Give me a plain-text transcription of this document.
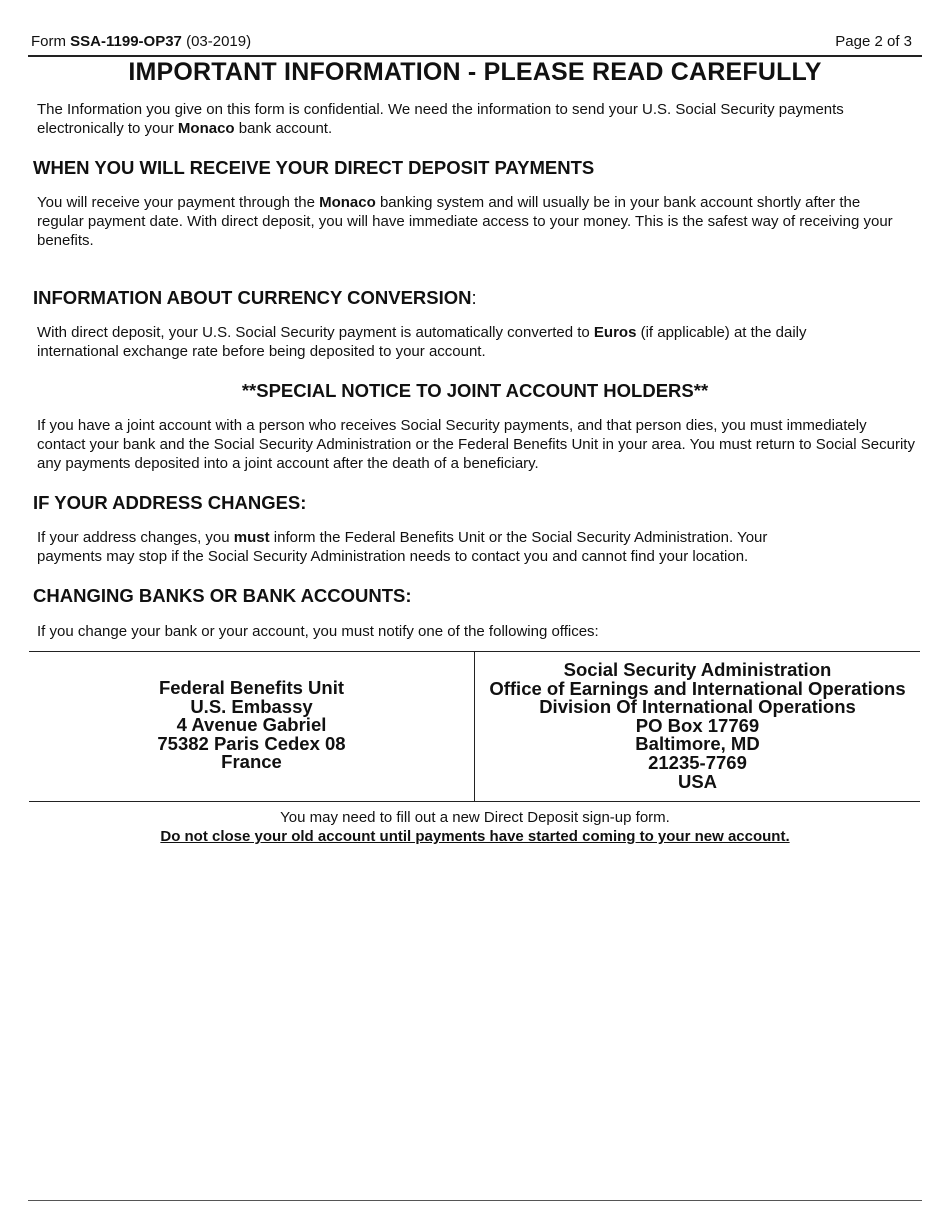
Form SSA-1199-OP37 (03-2019)	Page 2 of 3
IMPORTANT INFORMATION - PLEASE READ CAREFULLY
The Information you give on this form is confidential. We need the information to send your U.S. Social Security payments electronically to your Monaco bank account.
WHEN YOU WILL RECEIVE YOUR DIRECT DEPOSIT PAYMENTS
You will receive your payment through the Monaco banking system and will usually be in your bank account shortly after the regular payment date. With direct deposit, you will have immediate access to your money. This is the safest way of receiving your benefits.
INFORMATION ABOUT CURRENCY CONVERSION:
With direct deposit, your U.S. Social Security payment is automatically converted to Euros (if applicable) at the daily international exchange rate before being deposited to your account.
**SPECIAL NOTICE TO JOINT ACCOUNT HOLDERS**
If you have a joint account with a person who receives Social Security payments, and that person dies, you must immediately contact your bank and the Social Security Administration or the Federal Benefits Unit in your area. You must return to Social Security any payments deposited into a joint account after the death of a beneficiary.
IF YOUR ADDRESS CHANGES:
If your address changes, you must inform the Federal Benefits Unit or the Social Security Administration. Your
payments may stop if the Social Security Administration needs to contact you and cannot find your location.
CHANGING BANKS OR BANK ACCOUNTS:
If you change your bank or your account, you must notify one of the following offices:
Federal Benefits Unit
U.S. Embassy
4 Avenue Gabriel
75382 Paris Cedex 08
France
Social Security Administration
Office of Earnings and International Operations
Division Of International Operations
PO Box 17769
Baltimore, MD
21235-7769
USA
You may need to fill out a new Direct Deposit sign-up form.
Do not close your old account until payments have started coming to your new account.
